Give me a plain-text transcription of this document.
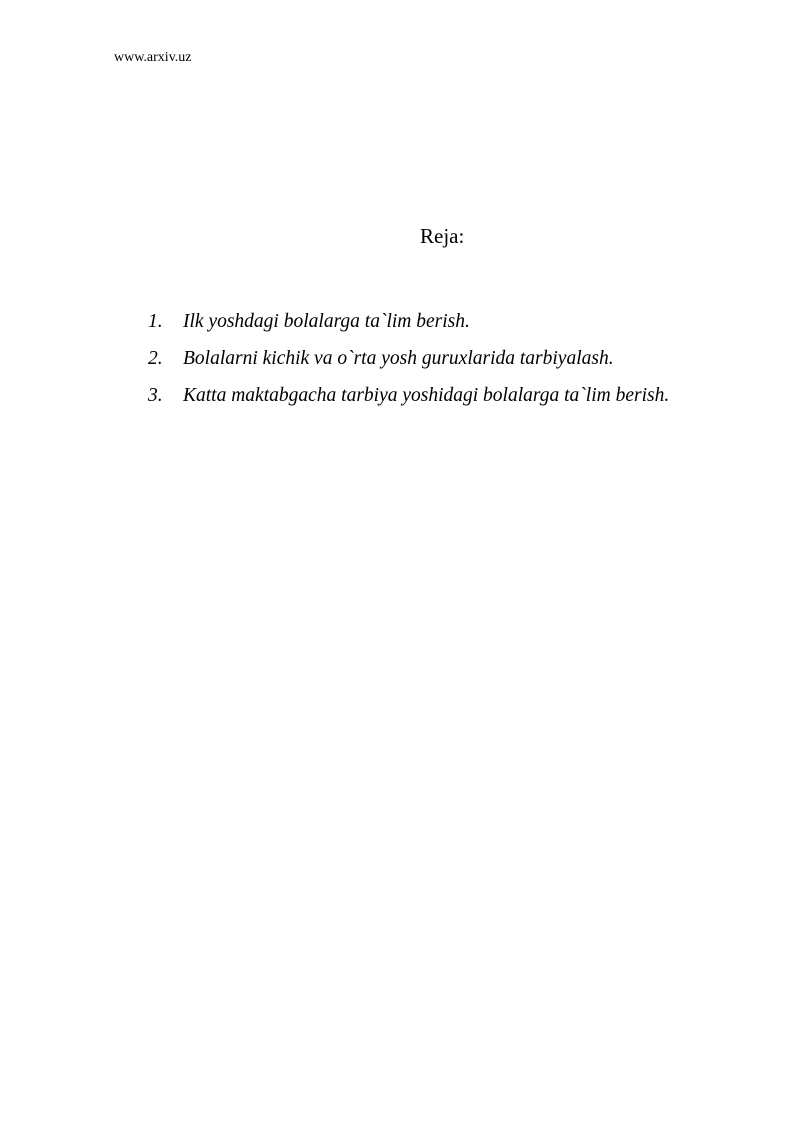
www.arxiv.uz
Reja:
1.	Ilk yoshdagi bolalarga ta`lim berish.
2.	Bolalarni kichik va o`rta yosh guruxlarida tarbiyalash.
3.	Katta maktabgacha tarbiya yoshidagi bolalarga ta`lim berish.
